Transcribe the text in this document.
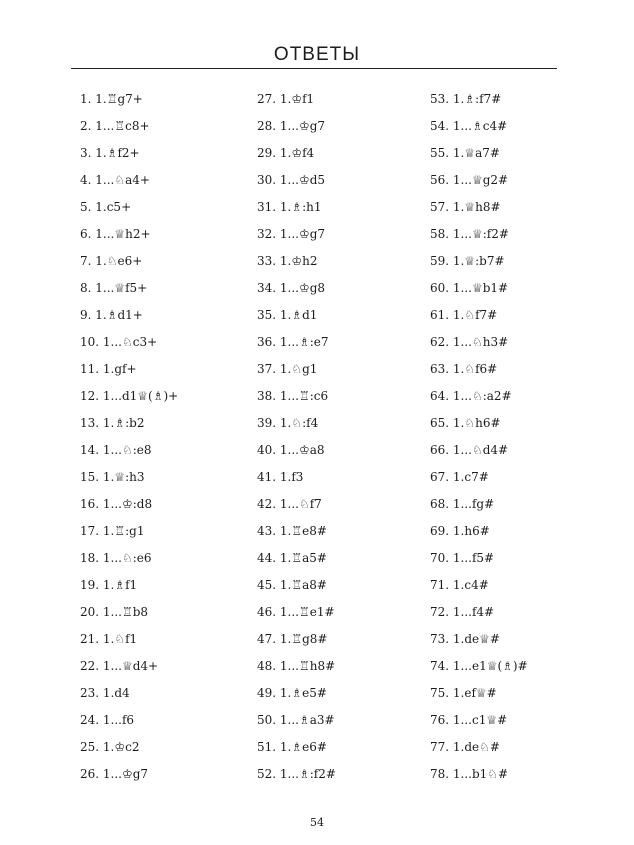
ОТВЕТЫ
1. 1.♖g7+
2. 1...♖c8+
3. 1.♗f2+
4. 1...♘a4+
5. 1.c5+
6. 1...♕h2+
7. 1.♘e6+
8. 1...♕f5+
9. 1.♗d1+
10. 1...♘c3+
11. 1.gf+
12. 1...d1♕(♗)+
13. 1.♗:b2
14. 1...♘:e8
15. 1.♕:h3
16. 1...♔:d8
17. 1.♖:g1
18. 1...♘:e6
19. 1.♗f1
20. 1...♖b8
21. 1.♘f1
22. 1...♕d4+
23. 1.d4
24. 1...f6
25. 1.♔c2
26. 1...♔g7
27. 1.♔f1
28. 1...♔g7
29. 1.♔f4
30. 1...♔d5
31. 1.♗:h1
32. 1...♔g7
33. 1.♔h2
34. 1...♔g8
35. 1.♗d1
36. 1...♗:e7
37. 1.♘g1
38. 1...♖:c6
39. 1.♘:f4
40. 1...♔a8
41. 1.f3
42. 1...♘f7
43. 1.♖e8#
44. 1.♖a5#
45. 1.♖a8#
46. 1...♖e1#
47. 1.♖g8#
48. 1...♖h8#
49. 1.♗e5#
50. 1...♗a3#
51. 1.♗e6#
52. 1...♗:f2#
53. 1.♗:f7#
54. 1...♗c4#
55. 1.♕a7#
56. 1...♕g2#
57. 1.♕h8#
58. 1...♕:f2#
59. 1.♕:b7#
60. 1...♕b1#
61. 1.♘f7#
62. 1...♘h3#
63. 1.♘f6#
64. 1...♘:a2#
65. 1.♘h6#
66. 1...♘d4#
67. 1.c7#
68. 1...fg#
69. 1.h6#
70. 1...f5#
71. 1.c4#
72. 1...f4#
73. 1.de♕#
74. 1...e1♕(♗)#
75. 1.ef♕#
76. 1...c1♕#
77. 1.de♘#
78. 1...b1♘#
54
